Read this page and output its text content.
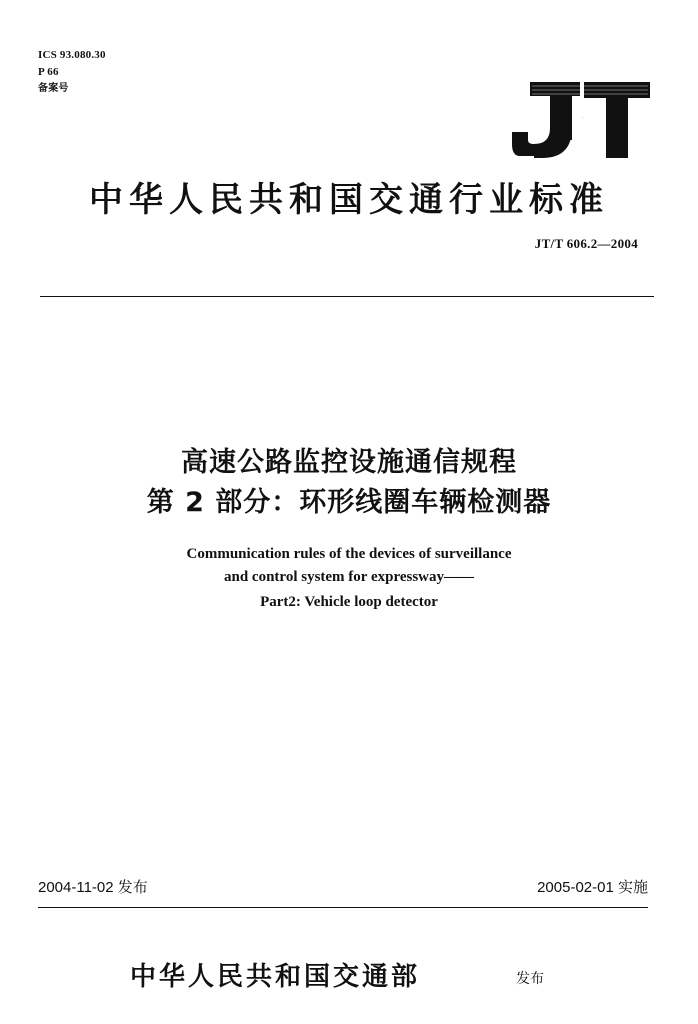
ICS 93.080.30
P 66
备案号
JT
中华人民共和国交通行业标准
JT/T 606.2—2004
高速公路监控设施通信规程
第 2 部分：环形线圈车辆检测器
Communication rules of the devices of surveillance
and control system for expressway——
Part2: Vehicle loop detector
2004-11-02 发布	2005-02-01 实施
中华人民共和国交通部	发布
